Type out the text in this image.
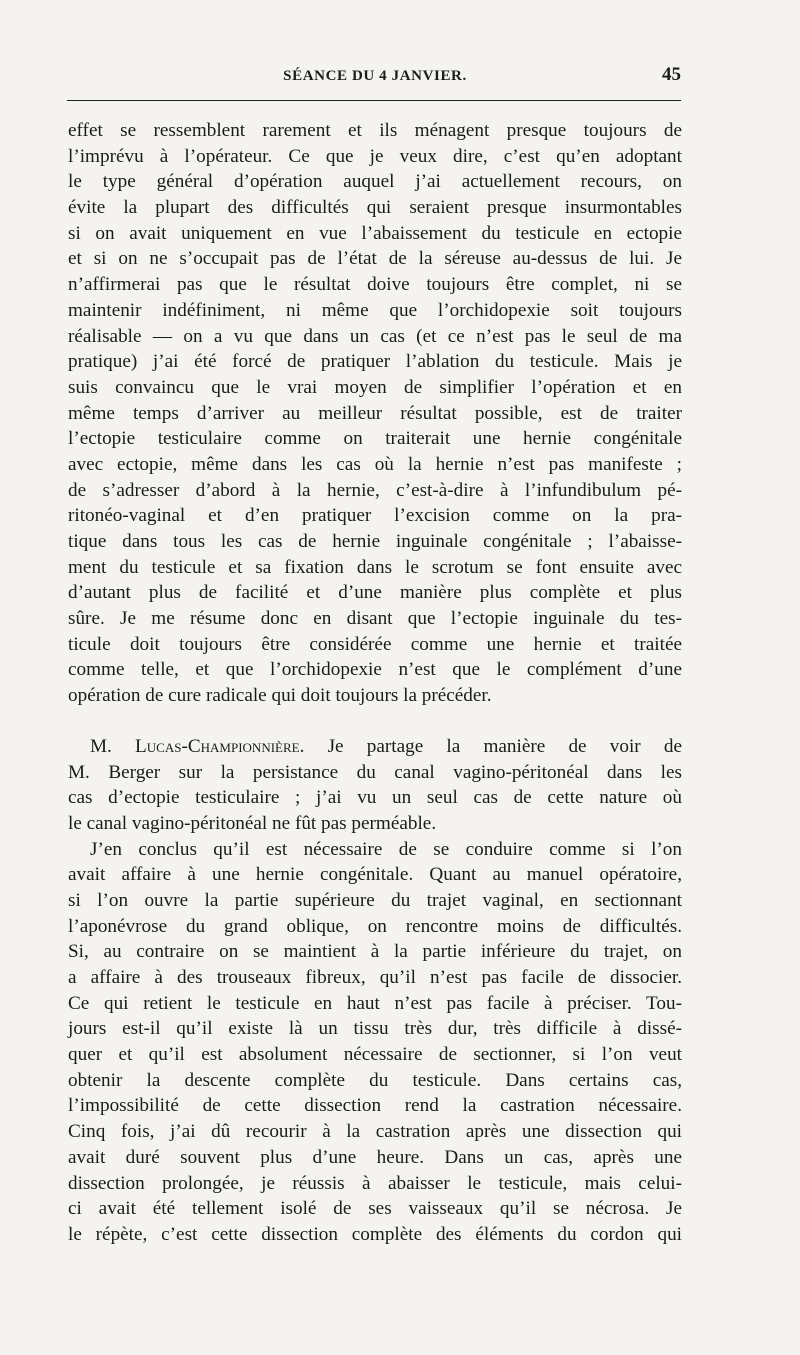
SÉANCE DU 4 JANVIER.	45
effet se ressemblent rarement et ils ménagent presque toujours de
l’imprévu à l’opérateur. Ce que je veux dire, c’est qu’en adoptant
le type général d’opération auquel j’ai actuellement recours, on
évite la plupart des difficultés qui seraient presque insurmontables
si on avait uniquement en vue l’abaissement du testicule en ectopie
et si on ne s’occupait pas de l’état de la séreuse au-dessus de lui. Je
n’affirmerai pas que le résultat doive toujours être complet, ni se
maintenir indéfiniment, ni même que l’orchidopexie soit toujours
réalisable — on a vu que dans un cas (et ce n’est pas le seul de ma
pratique) j’ai été forcé de pratiquer l’ablation du testicule. Mais je
suis convaincu que le vrai moyen de simplifier l’opération et en
même temps d’arriver au meilleur résultat possible, est de traiter
l’ectopie testiculaire comme on traiterait une hernie congénitale
avec ectopie, même dans les cas où la hernie n’est pas manifeste ;
de s’adresser d’abord à la hernie, c’est-à-dire à l’infundibulum pé-
ritonéo-vaginal et d’en pratiquer l’excision comme on la pra-
tique dans tous les cas de hernie inguinale congénitale ; l’abaisse-
ment du testicule et sa fixation dans le scrotum se font ensuite avec
d’autant plus de facilité et d’une manière plus complète et plus
sûre. Je me résume donc en disant que l’ectopie inguinale du tes-
ticule doit toujours être considérée comme une hernie et traitée
comme telle, et que l’orchidopexie n’est que le complément d’une
opération de cure radicale qui doit toujours la précéder.
M. Lucas-Championnière. Je partage la manière de voir de
M. Berger sur la persistance du canal vagino-péritonéal dans les
cas d’ectopie testiculaire ; j’ai vu un seul cas de cette nature où
le canal vagino-péritonéal ne fût pas perméable.
J’en conclus qu’il est nécessaire de se conduire comme si l’on
avait affaire à une hernie congénitale. Quant au manuel opératoire,
si l’on ouvre la partie supérieure du trajet vaginal, en sectionnant
l’aponévrose du grand oblique, on rencontre moins de difficultés.
Si, au contraire on se maintient à la partie inférieure du trajet, on
a affaire à des trouseaux fibreux, qu’il n’est pas facile de dissocier.
Ce qui retient le testicule en haut n’est pas facile à préciser. Tou-
jours est-il qu’il existe là un tissu très dur, très difficile à dissé-
quer et qu’il est absolument nécessaire de sectionner, si l’on veut
obtenir la descente complète du testicule. Dans certains cas,
l’impossibilité de cette dissection rend la castration nécessaire.
Cinq fois, j’ai dû recourir à la castration après une dissection qui
avait duré souvent plus d’une heure. Dans un cas, après une
dissection prolongée, je réussis à abaisser le testicule, mais celui-
ci avait été tellement isolé de ses vaisseaux qu’il se nécrosa. Je
le répète, c’est cette dissection complète des éléments du cordon qui
